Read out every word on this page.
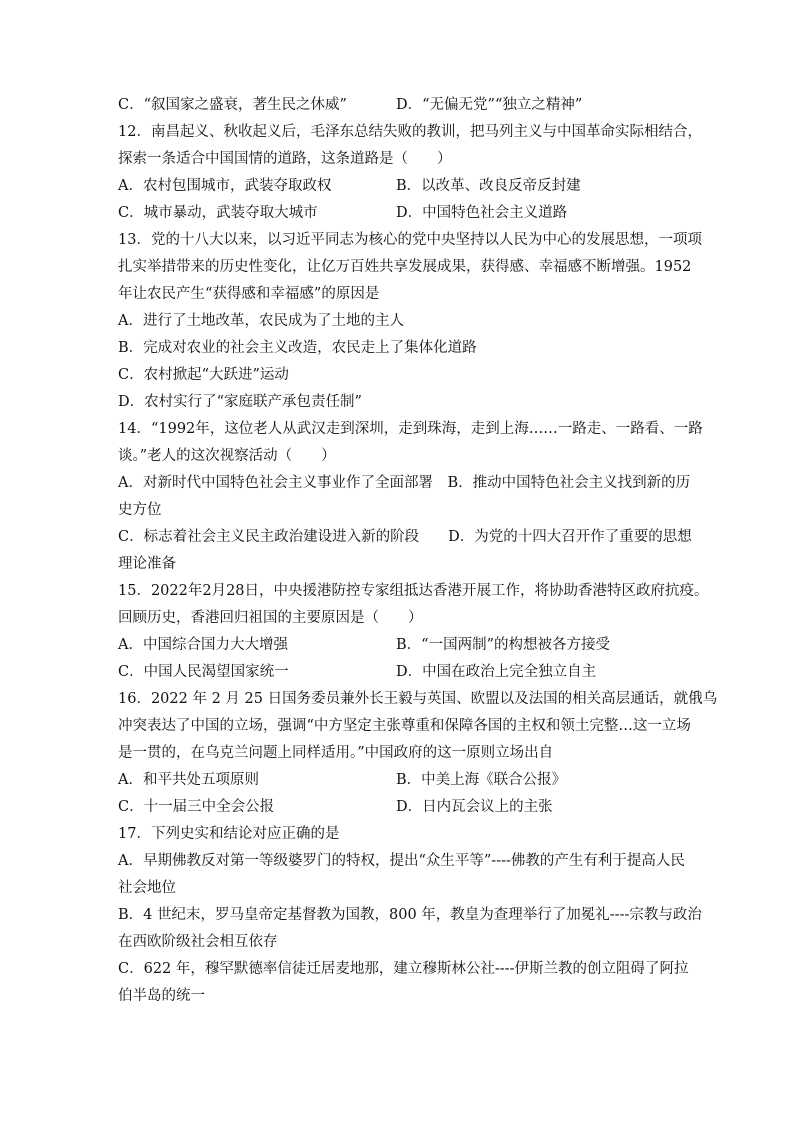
C．“叙国家之盛衰，著生民之休威”	D．“无偏无党”“独立之精神”
12．南昌起义、秋收起义后，毛泽东总结失败的教训，把马列主义与中国革命实际相结合，
探索一条适合中国国情的道路，这条道路是（　　）
A．农村包围城市，武装夺取政权	B．以改革、改良反帝反封建
C．城市暴动，武装夺取大城市	D．中国特色社会主义道路
13．党的十八大以来，以习近平同志为核心的党中央坚持以人民为中心的发展思想，一项项
扎实举措带来的历史性变化，让亿万百姓共享发展成果，获得感、幸福感不断增强。1952
年让农民产生“获得感和幸福感”的原因是
A．进行了土地改革，农民成为了土地的主人
B．完成对农业的社会主义改造，农民走上了集体化道路
C．农村掀起“大跃进”运动
D．农村实行了“家庭联产承包责任制”
14．“1992年，这位老人从武汉走到深圳，走到珠海，走到上海……一路走、一路看、一路
谈。”老人的这次视察活动（　　）
A．对新时代中国特色社会主义事业作了全面部署　B．推动中国特色社会主义找到新的历
史方位
C．标志着社会主义民主政治建设进入新的阶段　　D．为党的十四大召开作了重要的思想
理论准备
15．2022年2月28日，中央援港防控专家组抵达香港开展工作，将协助香港特区政府抗疫。
回顾历史，香港回归祖国的主要原因是（　　）
A．中国综合国力大大增强	B．“一国两制”的构想被各方接受
C．中国人民渴望国家统一	D．中国在政治上完全独立自主
16．2022 年 2 月 25 日国务委员兼外长王毅与英国、欧盟以及法国的相关高层通话，就俄乌
冲突表达了中国的立场，强调“中方坚定主张尊重和保障各国的主权和领土完整…这一立场
是一贯的，在乌克兰问题上同样适用。”中国政府的这一原则立场出自
A．和平共处五项原则	B．中美上海《联合公报》
C．十一届三中全会公报	D．日内瓦会议上的主张
17．下列史实和结论对应正确的是
A．早期佛教反对第一等级婆罗门的特权，提出“众生平等”----佛教的产生有利于提高人民
社会地位
B．4 世纪末，罗马皇帝定基督教为国教，800 年，教皇为查理举行了加冕礼----宗教与政治
在西欧阶级社会相互依存
C．622 年，穆罕默德率信徒迁居麦地那，建立穆斯林公社----伊斯兰教的创立阻碍了阿拉
伯半岛的统一
